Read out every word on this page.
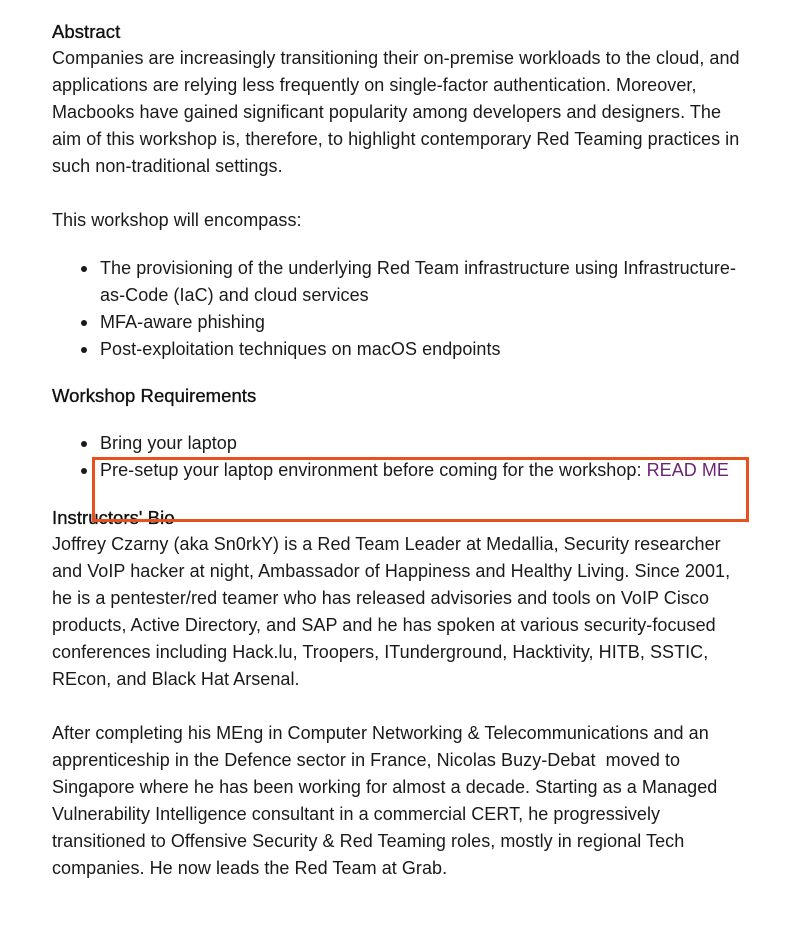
Abstract

Companies are increasingly transitioning their on-premise workloads to the cloud, and applications are relying less frequently on single-factor authentication. Moreover, Macbooks have gained significant popularity among developers and designers. The aim of this workshop is, therefore, to highlight contemporary Red Teaming practices in such non-traditional settings.

This workshop will encompass:

The provisioning of the underlying Red Team infrastructure using Infrastructure-as-Code (IaC) and cloud services
MFA-aware phishing
Post-exploitation techniques on macOS endpoints
Workshop Requirements
Bring your laptop
Pre-setup your laptop environment before coming for the workshop: READ ME
Instructors' Bio

Joffrey Czarny (aka Sn0rkY) is a Red Team Leader at Medallia, Security researcher and VoIP hacker at night, Ambassador of Happiness and Healthy Living. Since 2001, he is a pentester/red teamer who has released advisories and tools on VoIP Cisco products, Active Directory, and SAP and he has spoken at various security-focused conferences including Hack.lu, Troopers, ITunderground, Hacktivity, HITB, SSTIC, REcon, and Black Hat Arsenal.

After completing his MEng in Computer Networking & Telecommunications and an apprenticeship in the Defence sector in France, Nicolas Buzy-Debat  moved to Singapore where he has been working for almost a decade. Starting as a Managed Vulnerability Intelligence consultant in a commercial CERT, he progressively transitioned to Offensive Security & Red Teaming roles, mostly in regional Tech companies. He now leads the Red Team at Grab.
